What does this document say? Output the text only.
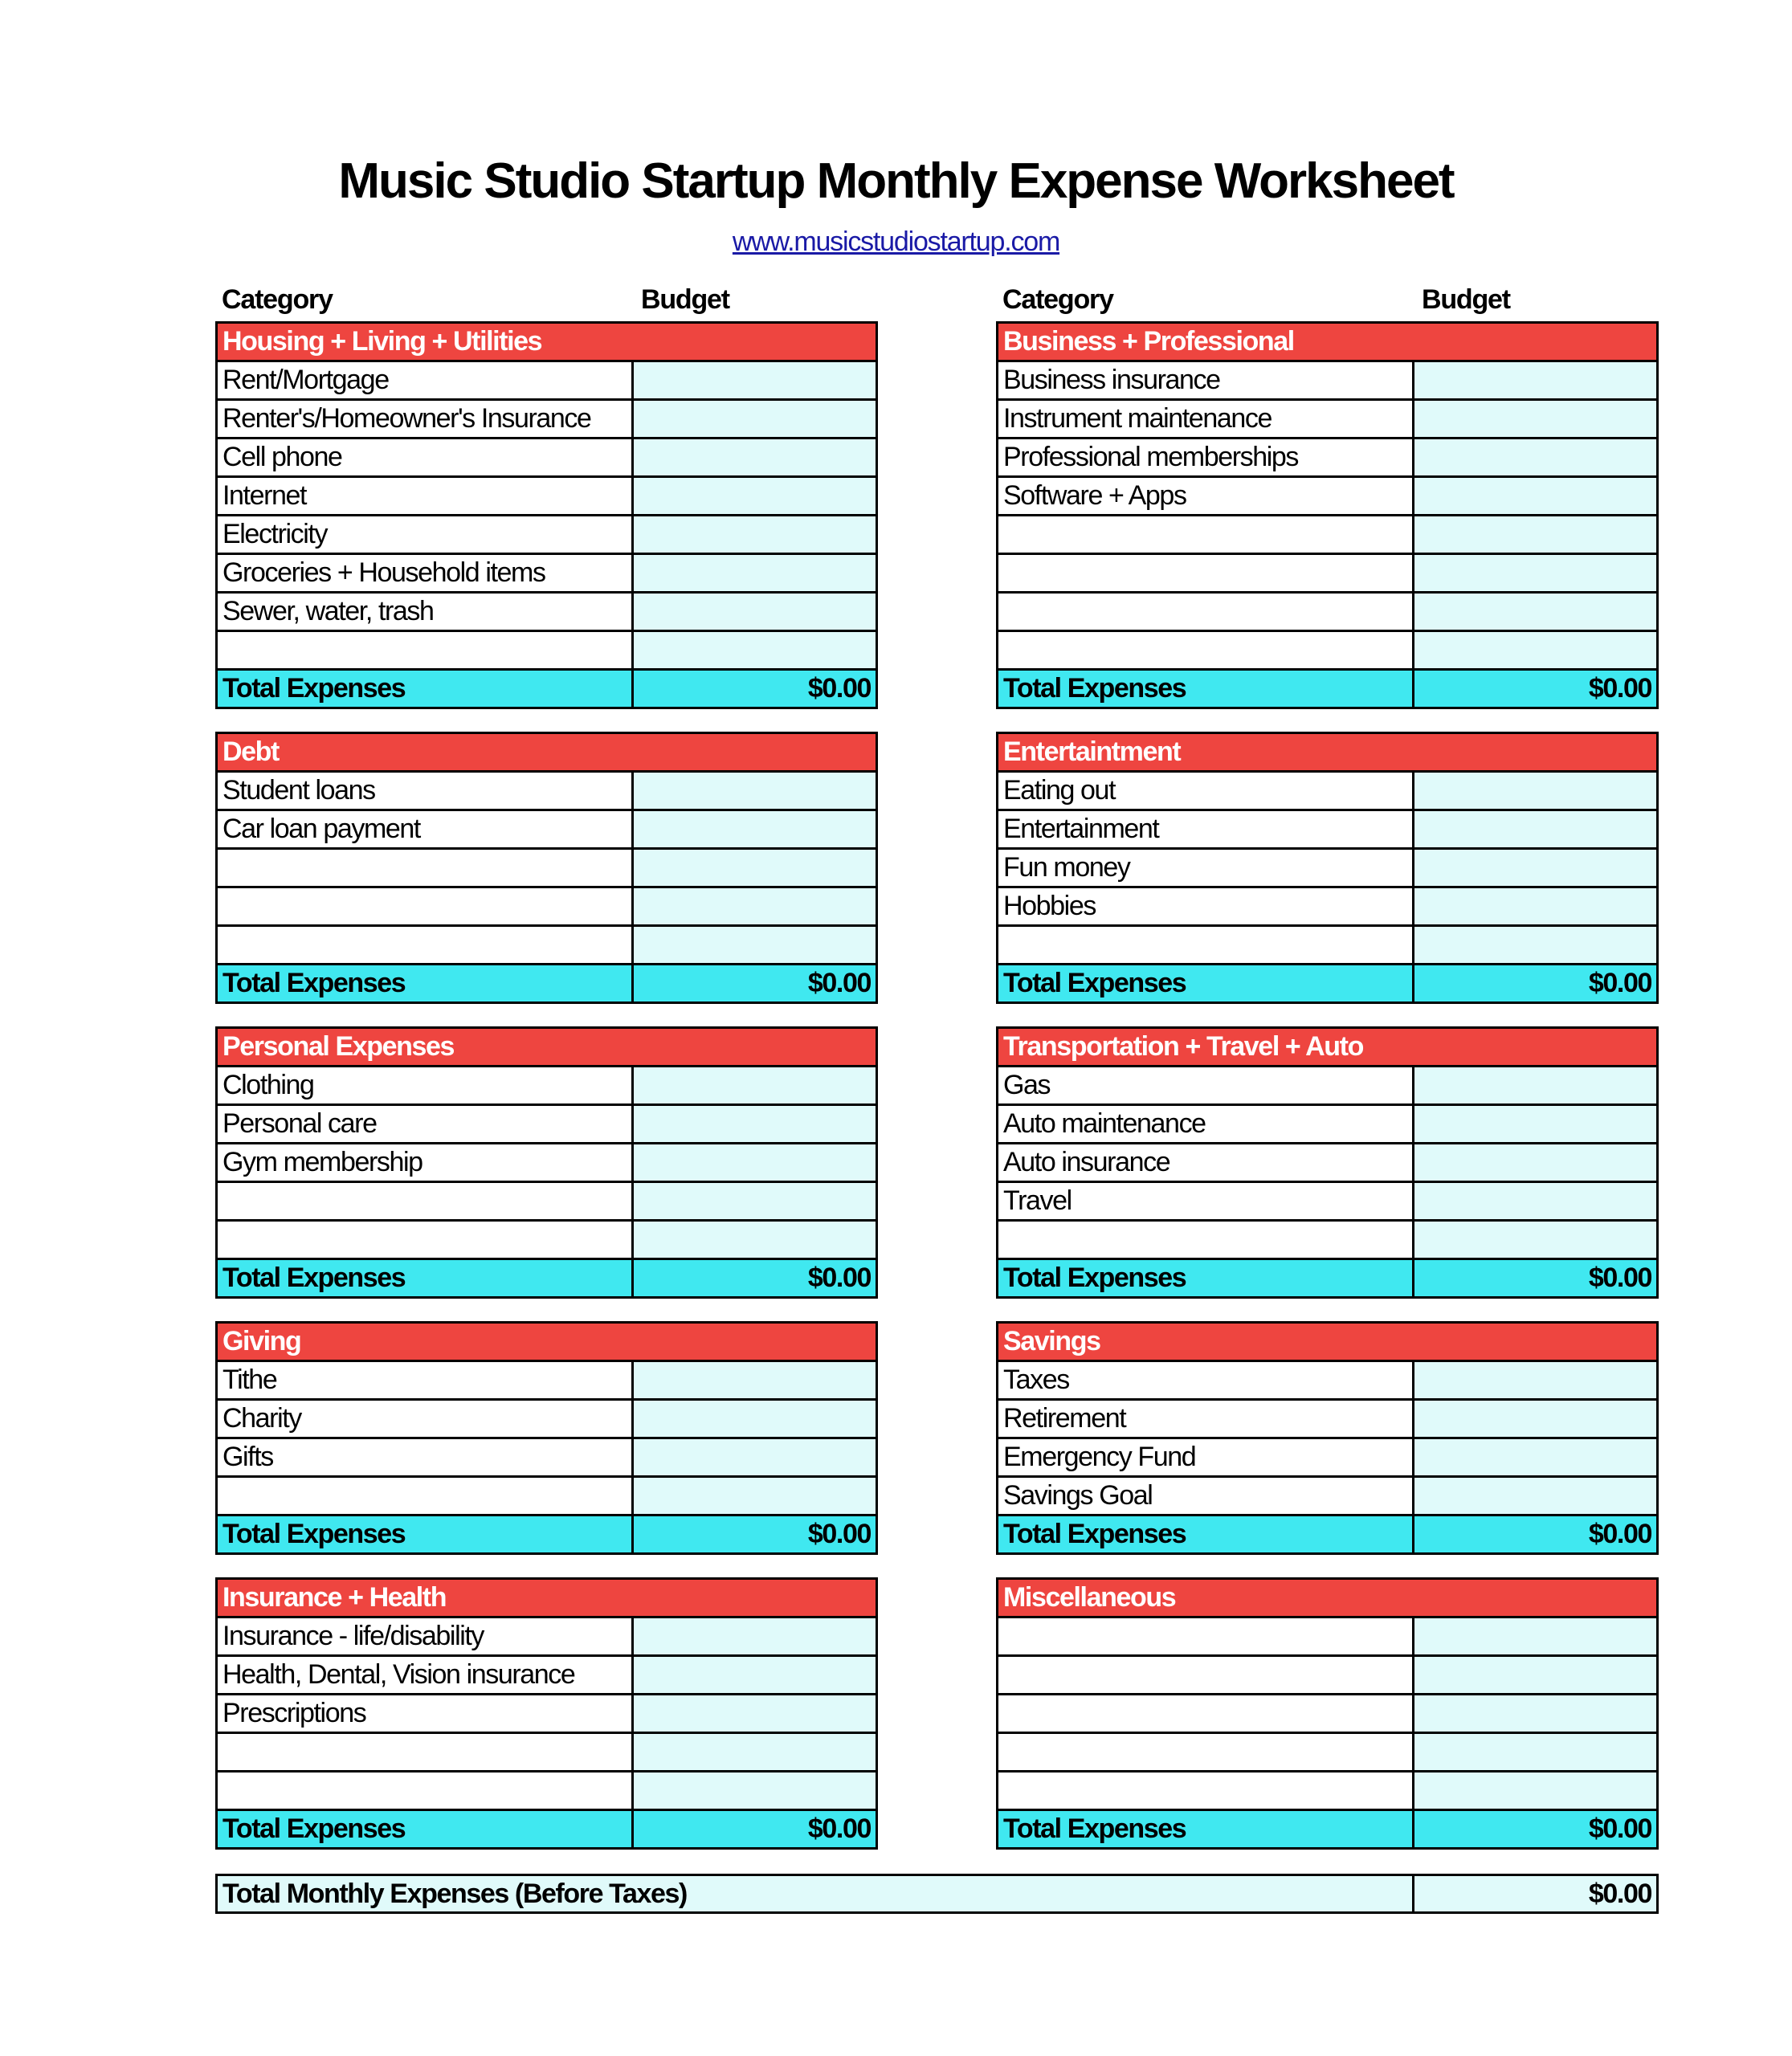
Music Studio Startup Monthly Expense Worksheet
www.musicstudiostartup.com
Category	Budget
Housing + Living + Utilities
Rent/Mortgage
Renter's/Homeowner's Insurance
Cell phone
Internet
Electricity
Groceries + Household items
Sewer, water, trash
Total Expenses	$0.00
Debt
Student loans
Car loan payment
Total Expenses	$0.00
Personal Expenses
Clothing
Personal care
Gym membership
Total Expenses	$0.00
Giving
Tithe
Charity
Gifts
Total Expenses	$0.00
Insurance + Health
Insurance - life/disability
Health, Dental, Vision insurance
Prescriptions
Total Expenses	$0.00
Category	Budget
Business + Professional
Business insurance
Instrument maintenance
Professional memberships
Software + Apps
Total Expenses	$0.00
Entertaintment
Eating out
Entertainment
Fun money
Hobbies
Total Expenses	$0.00
Transportation + Travel + Auto
Gas
Auto maintenance
Auto insurance
Travel
Total Expenses	$0.00
Savings
Taxes
Retirement
Emergency Fund
Savings Goal
Total Expenses	$0.00
Miscellaneous
Total Expenses	$0.00
Total Monthly Expenses (Before Taxes)	$0.00
